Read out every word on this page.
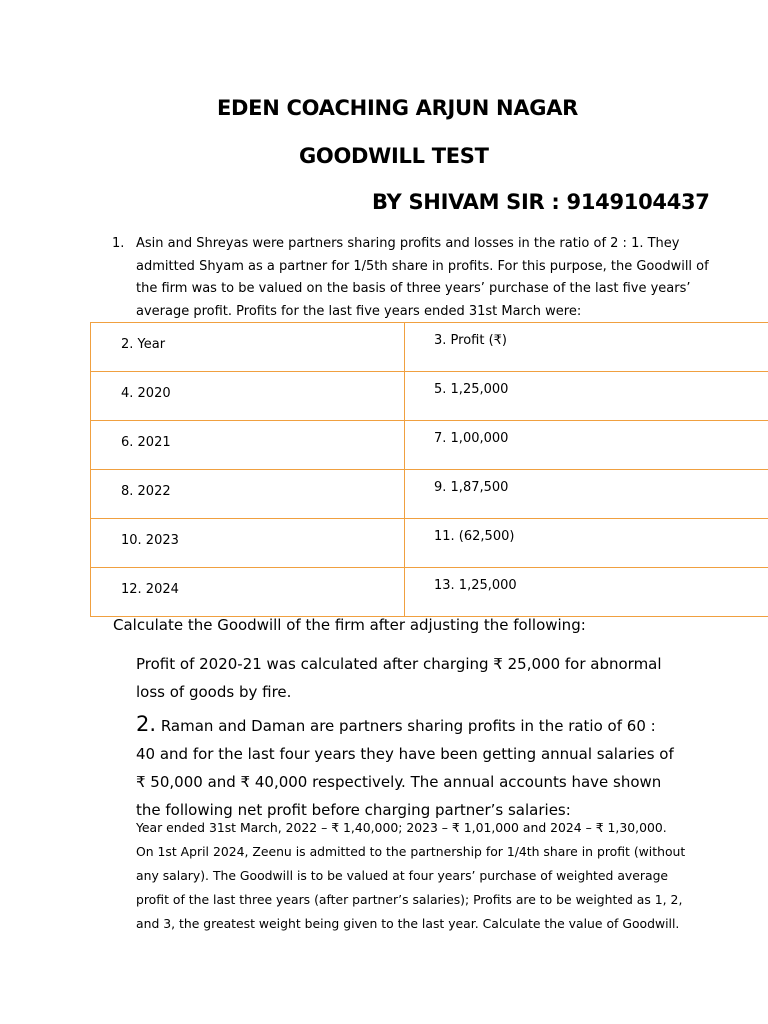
EDEN COACHING ARJUN NAGAR
GOODWILL TEST
BY SHIVAM SIR : 9149104437
1. Asin and Shreyas were partners sharing profits and losses in the ratio of 2 : 1. They admitted Shyam as a partner for 1/5th share in profits. For this purpose, the Goodwill of the firm was to be valued on the basis of three years’ purchase of the last five years’ average profit. Profits for the last five years ended 31st March were:
2. Year	3. Profit (₹)

4. 2020	5. 1,25,000

6. 2021	7. 1,00,000

8. 2022	9. 1,87,500

10. 2023	11. (62,500)

12. 2024	13. 1,25,000
Calculate the Goodwill of the firm after adjusting the following:
Profit of 2020-21 was calculated after charging ₹ 25,000 for abnormal loss of goods by fire.
2. Raman and Daman are partners sharing profits in the ratio of 60 : 40 and for the last four years they have been getting annual salaries of ₹ 50,000 and ₹ 40,000 respectively. The annual accounts have shown the following net profit before charging partner’s salaries:
Year ended 31st March, 2022 – ₹ 1,40,000; 2023 – ₹ 1,01,000 and 2024 – ₹ 1,30,000.
On 1st April 2024, Zeenu is admitted to the partnership for 1/4th share in profit (without
any salary). The Goodwill is to be valued at four years’ purchase of weighted average
profit of the last three years (after partner’s salaries); Profits are to be weighted as 1, 2,
and 3, the greatest weight being given to the last year. Calculate the value of Goodwill.
